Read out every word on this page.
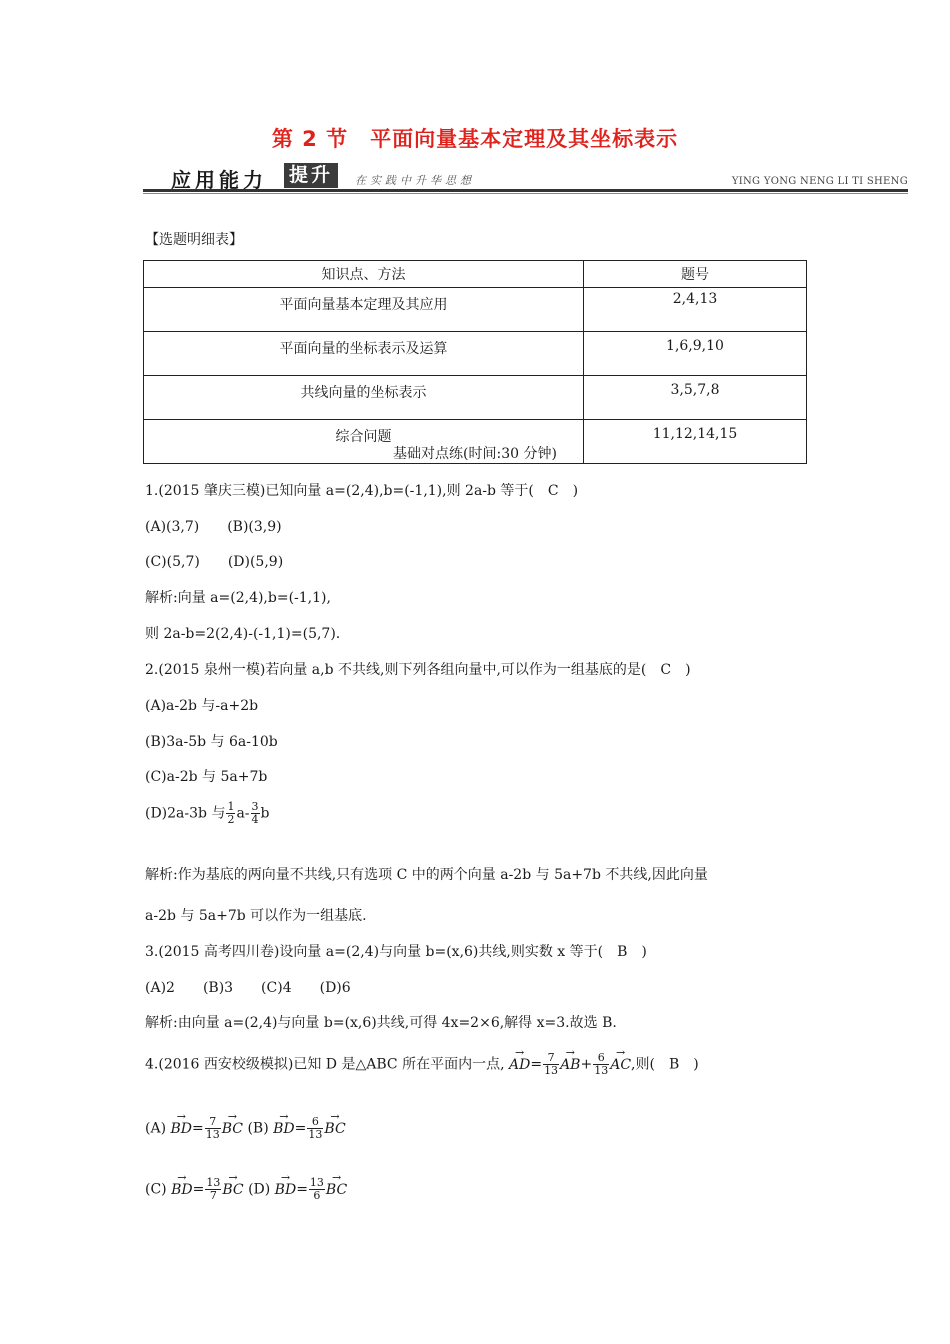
第 2 节　平面向量基本定理及其坐标表示
应用能力 提升	在实践中升华思想	YING YONG NENG LI TI SHENG
【选题明细表】
知识点、方法	题号
平面向量基本定理及其应用	2,4,13
平面向量的坐标表示及运算	1,6,9,10
共线向量的坐标表示	3,5,7,8
综合问题	11,12,14,15
基础对点练(时间:30 分钟)
1.(2015 肇庆三模)已知向量 a=(2,4),b=(-1,1),则 2a-b 等于(　C　)
(A)(3,7)　　(B)(3,9)
(C)(5,7)　　(D)(5,9)
解析:向量 a=(2,4),b=(-1,1),
则 2a-b=2(2,4)-(-1,1)=(5,7).
2.(2015 泉州一模)若向量 a,b 不共线,则下列各组向量中,可以作为一组基底的是(　C　)
(A)a-2b 与-a+2b
(B)3a-5b 与 6a-10b
(C)a-2b 与 5a+7b
(D)2a-3b 与 $\frac{1}{2} a- \frac{3}{4}$ b
解析:作为基底的两向量不共线,只有选项 C 中的两个向量 a-2b 与 5a+7b 不共线,因此向量
a-2b 与 5a+7b 可以作为一组基底.
3.(2015 高考四川卷)设向量 a=(2,4)与向量 b=(x,6)共线,则实数 x 等于(　B　)
(A)2　　(B)3　　(C)4　　(D)6
解析:由向量 a=(2,4)与向量 b=(x,6)共线,可得 4x=2×6,解得 x=3.故选 B.
4.(2016 西安校级模拟)已知 D 是△ABC 所在平面内一点, → $AD= \frac{7}{13} \to AB+ \frac{6}{13}$ → AC,则(　B　)
$(A) \to BD= \frac{7}{13}$ → BC $(B) \to BD= \frac{6}{13}$ → BC
$(C) \to BD= \frac{13}{7}$ → BC $(D) \to BD= \frac{13}{6}$ → BC
